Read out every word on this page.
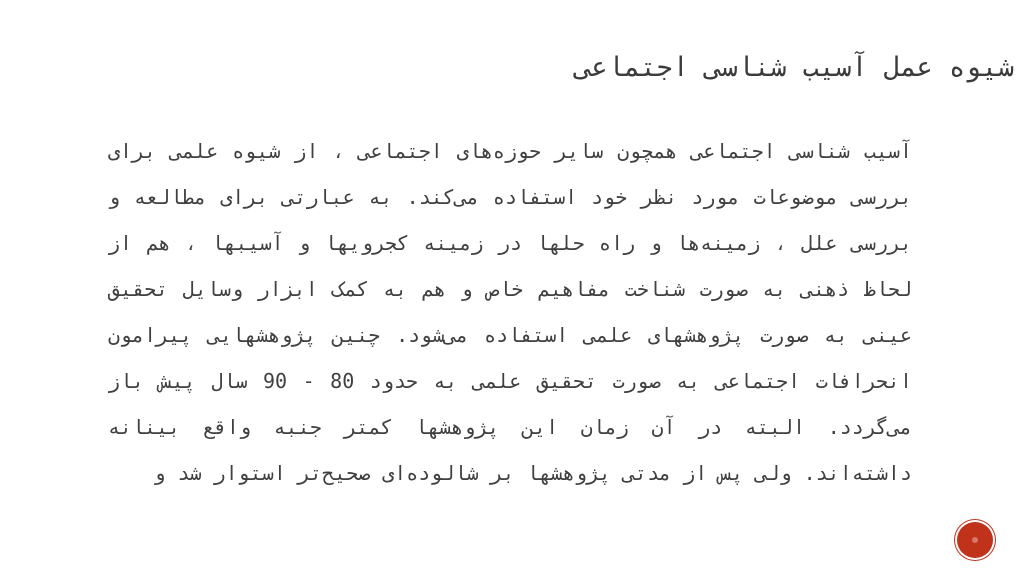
شیوه عمل آسیب شناسی اجتماعی
آسیب شناسی اجتماعی همچون سایر حوزه‌های اجتماعی ، از شیوه علمی برای بررسی موضوعات مورد نظر خود استفاده می‌کند. به عبارتی برای مطالعه و بررسی علل ، زمینه‌ها و راه حلها در زمینه کجرویها و آسیبها ، هم از لحاظ ذهنی به صورت شناخت مفاهیم خاص و هم به کمک ابزار وسایل تحقیق عینی به صورت پژوهشهای علمی استفاده می‌شود. چنین پژوهشهایی پیرامون انحرافات اجتماعی به صورت تحقیق علمی به حدود 80 - 90 سال پیش باز می‌گردد. البته در آن زمان این پژوهشها کمتر جنبه واقع بینانه داشته‌اند. ولی پس از مدتی پژوهشها بر شالوده‌ای صحیح‌تر استوار شد و
